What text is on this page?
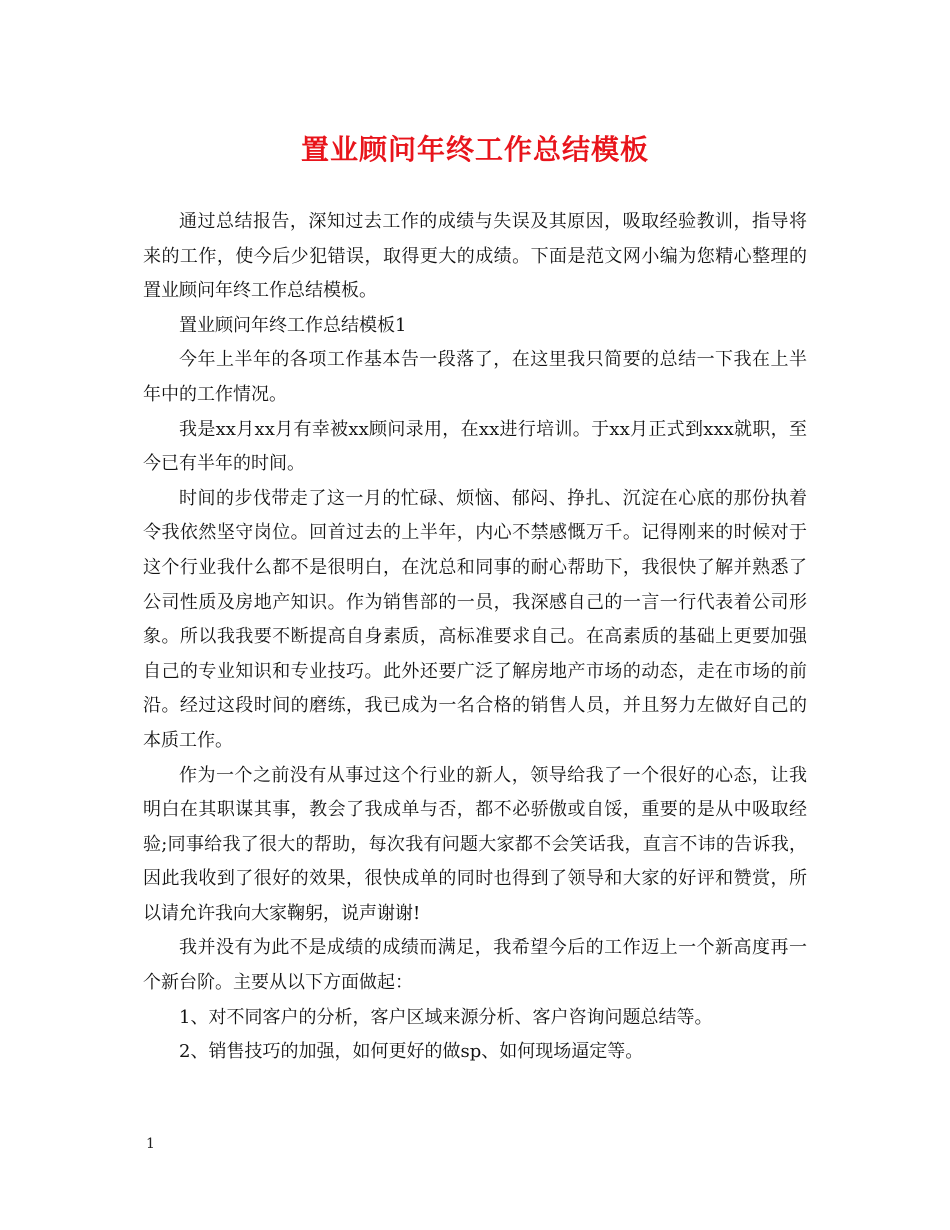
置业顾问年终工作总结模板

通过总结报告，深知过去工作的成绩与失误及其原因，吸取经验教训，指导将来的工作，使今后少犯错误，取得更大的成绩。下面是范文网小编为您精心整理的置业顾问年终工作总结模板。

置业顾问年终工作总结模板1

今年上半年的各项工作基本告一段落了，在这里我只简要的总结一下我在上半年中的工作情况。

我是xx月xx月有幸被xx顾问录用，在xx进行培训。于xx月正式到xxx就职，至今已有半年的时间。

时间的步伐带走了这一月的忙碌、烦恼、郁闷、挣扎、沉淀在心底的那份执着令我依然坚守岗位。回首过去的上半年，内心不禁感慨万千。记得刚来的时候对于这个行业我什么都不是很明白，在沈总和同事的耐心帮助下，我很快了解并熟悉了公司性质及房地产知识。作为销售部的一员，我深感自己的一言一行代表着公司形象。所以我我要不断提高自身素质，高标准要求自己。在高素质的基础上更要加强自己的专业知识和专业技巧。此外还要广泛了解房地产市场的动态，走在市场的前沿。经过这段时间的磨练，我已成为一名合格的销售人员，并且努力左做好自己的本质工作。

作为一个之前没有从事过这个行业的新人，领导给我了一个很好的心态，让我明白在其职谋其事，教会了我成单与否，都不必骄傲或自馁，重要的是从中吸取经验;同事给我了很大的帮助，每次我有问题大家都不会笑话我，直言不讳的告诉我，因此我收到了很好的效果，很快成单的同时也得到了领导和大家的好评和赞赏，所以请允许我向大家鞠躬，说声谢谢!

我并没有为此不是成绩的成绩而满足，我希望今后的工作迈上一个新高度再一个新台阶。主要从以下方面做起：

1、对不同客户的分析，客户区域来源分析、客户咨询问题总结等。

2、销售技巧的加强，如何更好的做sp、如何现场逼定等。

1
